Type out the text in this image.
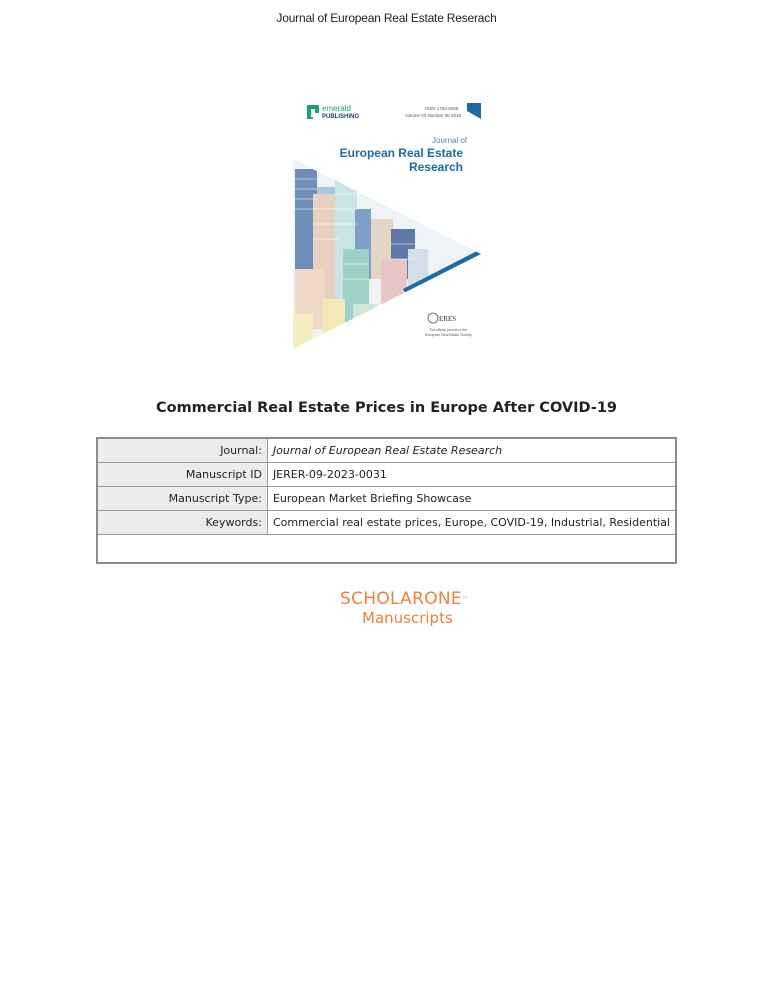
Journal of European Real Estate Reserach
emerald
PUBLISHING
ISSN 1753-9269
Volume 00 Number 00 2018
Journal of
European Real Estate
Research
ERES
The official journal of the
European Real Estate Society
Commercial Real Estate Prices in Europe After COVID-19
Journal:	Journal of European Real Estate Research
Manuscript ID	JERER-09-2023-0031
Manuscript Type:	European Market Briefing Showcase
Keywords:	Commercial real estate prices, Europe, COVID-19, Industrial, Residential

SCHOLARONE™
Manuscripts
